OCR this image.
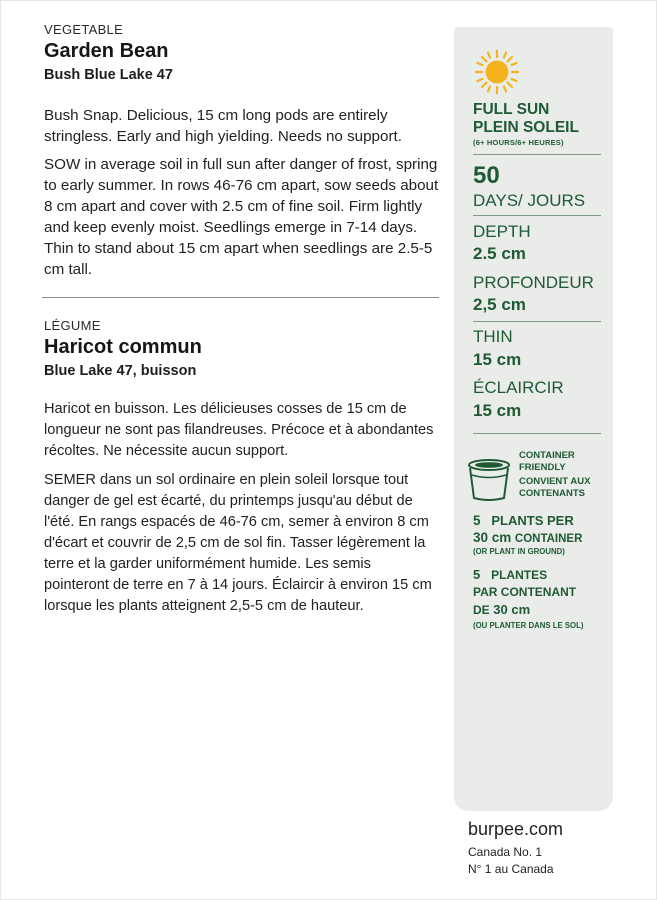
VEGETABLE

Garden Bean

Bush Blue Lake 47

Bush Snap. Delicious, 15 cm long pods are entirely stringless. Early and high yielding. Needs no support.

SOW in average soil in full sun after danger of frost, spring to early summer. In rows 46-76 cm apart, sow seeds about 8 cm apart and cover with 2.5 cm of fine soil. Firm lightly and keep evenly moist. Seedlings emerge in 7-14 days. Thin to stand about 15 cm apart when seedlings are 2.5-5 cm tall.

LÉGUME

Haricot commun

Blue Lake 47, buisson

Haricot en buisson. Les délicieuses cosses de 15 cm de longueur ne sont pas filandreuses. Précoce et à abondantes récoltes. Ne nécessite aucun support.

SEMER dans un sol ordinaire en plein soleil lorsque tout danger de gel est écarté, du printemps jusqu'au début de l'été. En rangs espacés de 46-76 cm, semer à environ 8 cm d'écart et couvrir de 2,5 cm de sol fin. Tasser légèrement la terre et la garder uniformément humide. Les semis pointeront de terre en 7 à 14 jours. Éclaircir à environ 15 cm lorsque les plants atteignent 2,5-5 cm de hauteur.

FULL SUN
PLEIN SOLEIL
(6+ HOURS/6+ HEURES)
50
DAYS/ JOURS
DEPTH
2.5 cm
PROFONDEUR
2,5 cm
THIN
15 cm
ÉCLAIRCIR
15 cm
CONTAINER
FRIENDLY
CONVIENT AUX
CONTENANTS
5 PLANTS PER
30 cm CONTAINER
(OR PLANT IN GROUND)
5 PLANTES
PAR CONTENANT
DE 30 cm
(OU PLANTER DANS LE SOL)
burpee.com
Canada No. 1
N° 1 au Canada
